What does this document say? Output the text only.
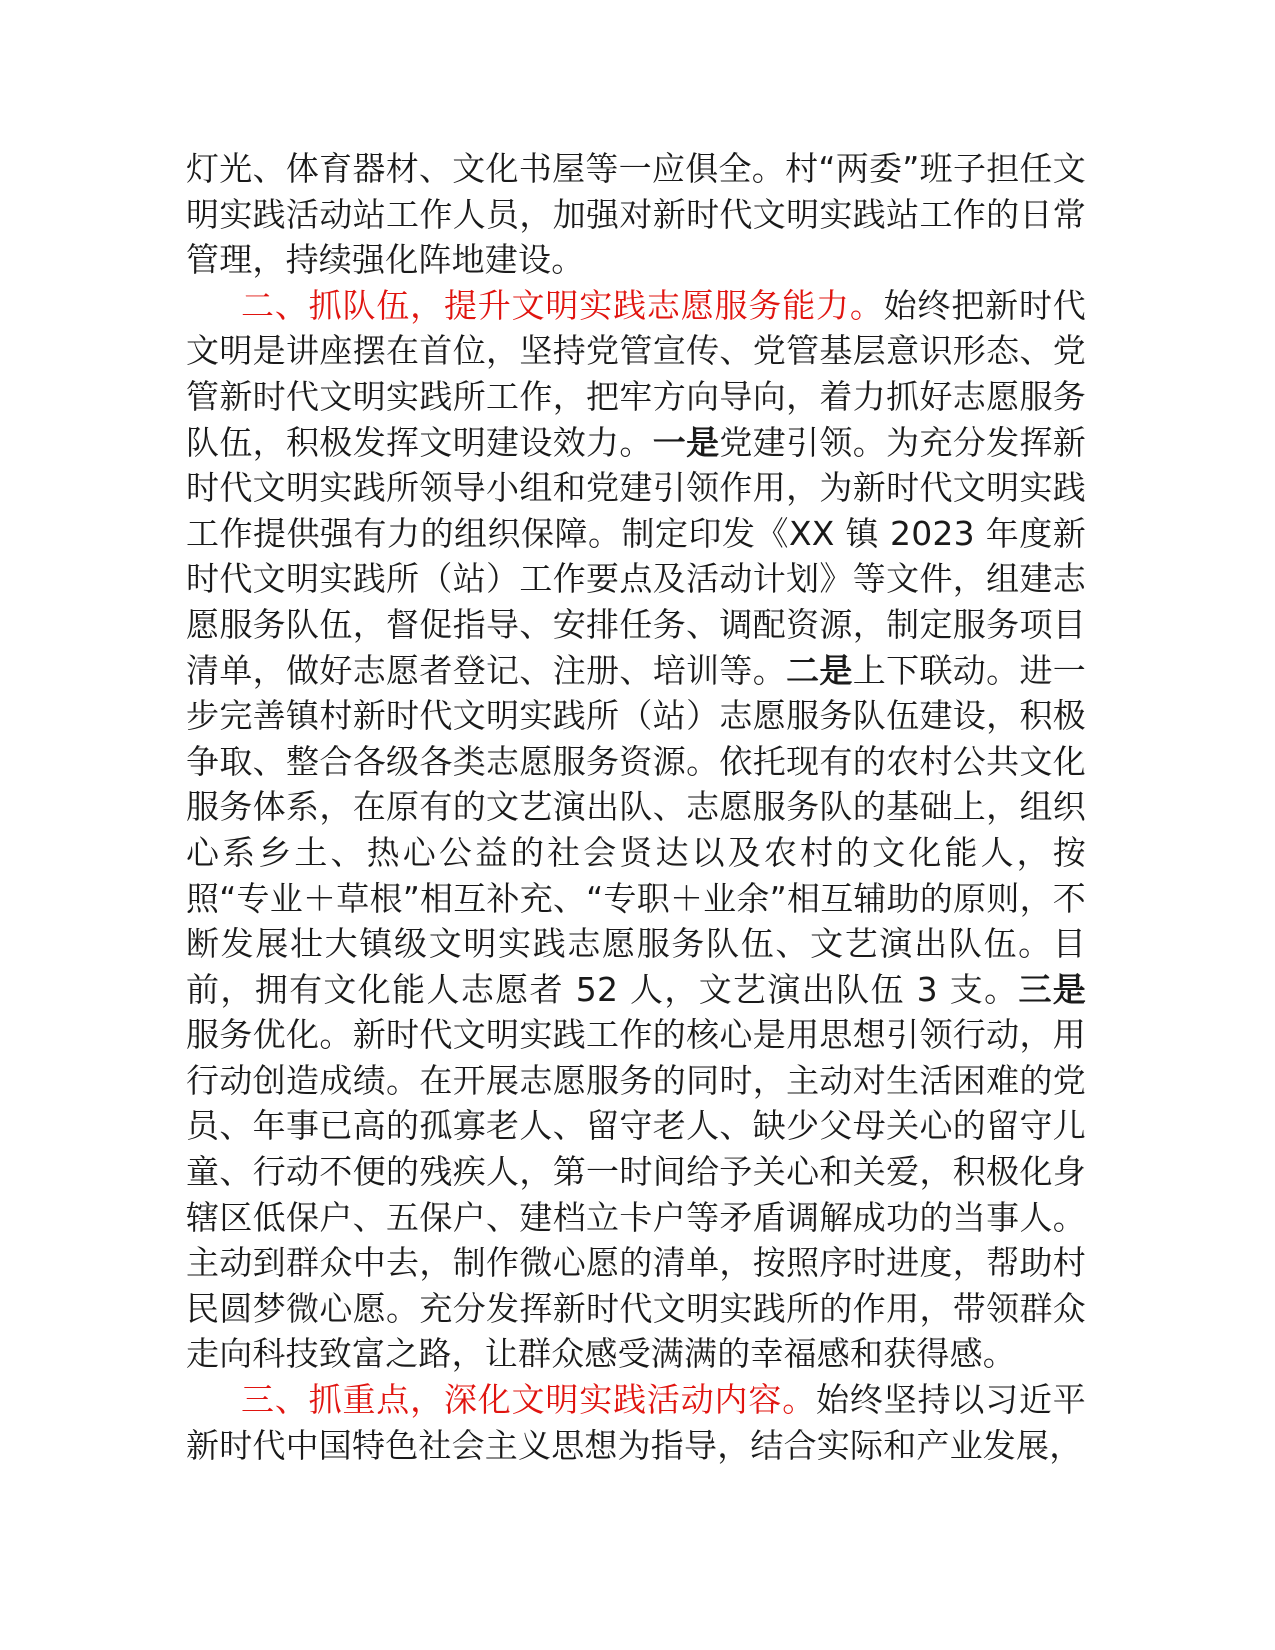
灯光、体育器材、文化书屋等一应俱全。村“两委”班子担任文明实践活动站工作人员，加强对新时代文明实践站工作的日常管理，持续强化阵地建设。

二、抓队伍，提升文明实践志愿服务能力。始终把新时代文明是讲座摆在首位，坚持党管宣传、党管基层意识形态、党管新时代文明实践所工作，把牢方向导向，着力抓好志愿服务队伍，积极发挥文明建设效力。一是党建引领。为充分发挥新时代文明实践所领导小组和党建引领作用，为新时代文明实践工作提供强有力的组织保障。制定印发《XX 镇 2023 年度新时代文明实践所（站）工作要点及活动计划》等文件，组建志愿服务队伍，督促指导、安排任务、调配资源，制定服务项目清单，做好志愿者登记、注册、培训等。二是上下联动。进一步完善镇村新时代文明实践所（站）志愿服务队伍建设，积极争取、整合各级各类志愿服务资源。依托现有的农村公共文化服务体系，在原有的文艺演出队、志愿服务队的基础上，组织心系乡土、热心公益的社会贤达以及农村的文化能人，按照“专业＋草根”相互补充、“专职＋业余”相互辅助的原则，不断发展壮大镇级文明实践志愿服务队伍、文艺演出队伍。目前，拥有文化能人志愿者 52 人，文艺演出队伍 3 支。三是服务优化。新时代文明实践工作的核心是用思想引领行动，用行动创造成绩。在开展志愿服务的同时，主动对生活困难的党员、年事已高的孤寡老人、留守老人、缺少父母关心的留守儿童、行动不便的残疾人，第一时间给予关心和关爱，积极化身辖区低保户、五保户、建档立卡户等矛盾调解成功的当事人。主动到群众中去，制作微心愿的清单，按照序时进度，帮助村民圆梦微心愿。充分发挥新时代文明实践所的作用，带领群众走向科技致富之路，让群众感受满满的幸福感和获得感。

三、抓重点，深化文明实践活动内容。始终坚持以习近平新时代中国特色社会主义思想为指导，结合实际和产业发展，
